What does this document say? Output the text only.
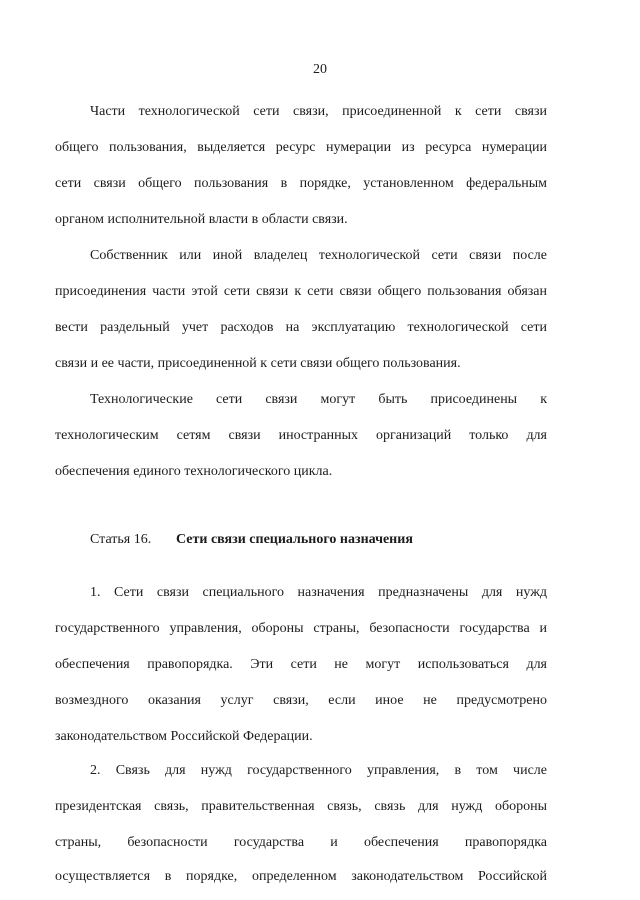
20
Части технологической сети связи, присоединенной к сети связи
общего пользования, выделяется ресурс нумерации из ресурса нумерации
сети связи общего пользования в порядке, установленном федеральным
органом исполнительной власти в области связи.
Собственник или иной владелец технологической сети связи после
присоединения части этой сети связи к сети связи общего пользования обязан
вести раздельный учет расходов на эксплуатацию технологической сети
связи и ее части, присоединенной к сети связи общего пользования.
Технологические сети связи могут быть присоединены к
технологическим сетям связи иностранных организаций только для
обеспечения единого технологического цикла.
Статья 16. Сети связи специального назначения
1. Сети связи специального назначения предназначены для нужд
государственного управления, обороны страны, безопасности государства и
обеспечения правопорядка. Эти сети не могут использоваться для
возмездного оказания услуг связи, если иное не предусмотрено
законодательством Российской Федерации.
2. Связь для нужд государственного управления, в том числе
президентская связь, правительственная связь, связь для нужд обороны
страны, безопасности государства и обеспечения правопорядка
осуществляется в порядке, определенном законодательством Российской
